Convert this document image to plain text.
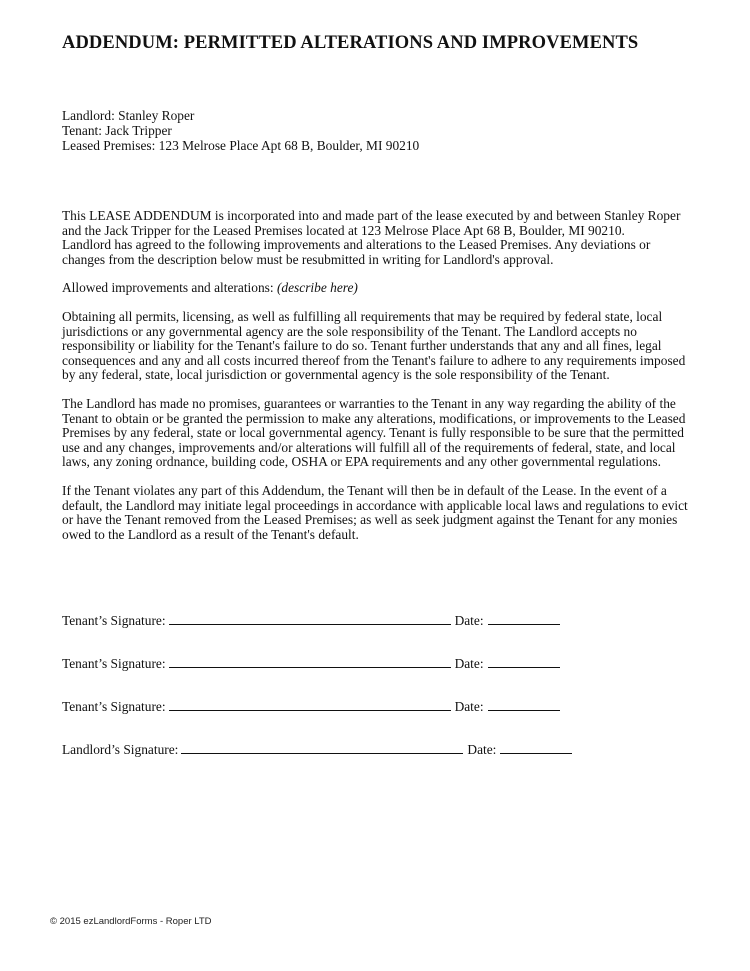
ADDENDUM: PERMITTED ALTERATIONS AND IMPROVEMENTS
Landlord: Stanley Roper
Tenant: Jack Tripper
Leased Premises: 123 Melrose Place Apt 68 B, Boulder, MI 90210

This LEASE ADDENDUM is incorporated into and made part of the lease executed by and between Stanley Roper and the Jack Tripper for the Leased Premises located at 123 Melrose Place Apt 68 B, Boulder, MI 90210.

Landlord has agreed to the following improvements and alterations to the Leased Premises. Any deviations or changes from the description below must be resubmitted in writing for Landlord's approval.

Allowed improvements and alterations: (describe here)

Obtaining all permits, licensing, as well as fulfilling all requirements that may be required by federal state, local jurisdictions or any governmental agency are the sole responsibility of the Tenant. The Landlord accepts no responsibility or liability for the Tenant's failure to do so. Tenant further understands that any and all fines, legal consequences and any and all costs incurred thereof from the Tenant's failure to adhere to any requirements imposed by any federal, state, local jurisdiction or governmental agency is the sole responsibility of the Tenant.

The Landlord has made no promises, guarantees or warranties to the Tenant in any way regarding the ability of the Tenant to obtain or be granted the permission to make any alterations, modifications, or improvements to the Leased Premises by any federal, state or local governmental agency. Tenant is fully responsible to be sure that the permitted use and any changes, improvements and/or alterations will fulfill all of the requirements of federal, state, and local laws, any zoning ordnance, building code, OSHA or EPA requirements and any other governmental regulations.

If the Tenant violates any part of this Addendum, the Tenant will then be in default of the Lease. In the event of a default, the Landlord may initiate legal proceedings in accordance with applicable local laws and regulations to evict or have the Tenant removed from the Leased Premises; as well as seek judgment against the Tenant for any monies owed to the Landlord as a result of the Tenant's default.

Tenant’s Signature:	Date:
Tenant’s Signature:	Date:
Tenant’s Signature:	Date:
Landlord’s Signature:	Date:
© 2015 ezLandlordForms - Roper LTD
